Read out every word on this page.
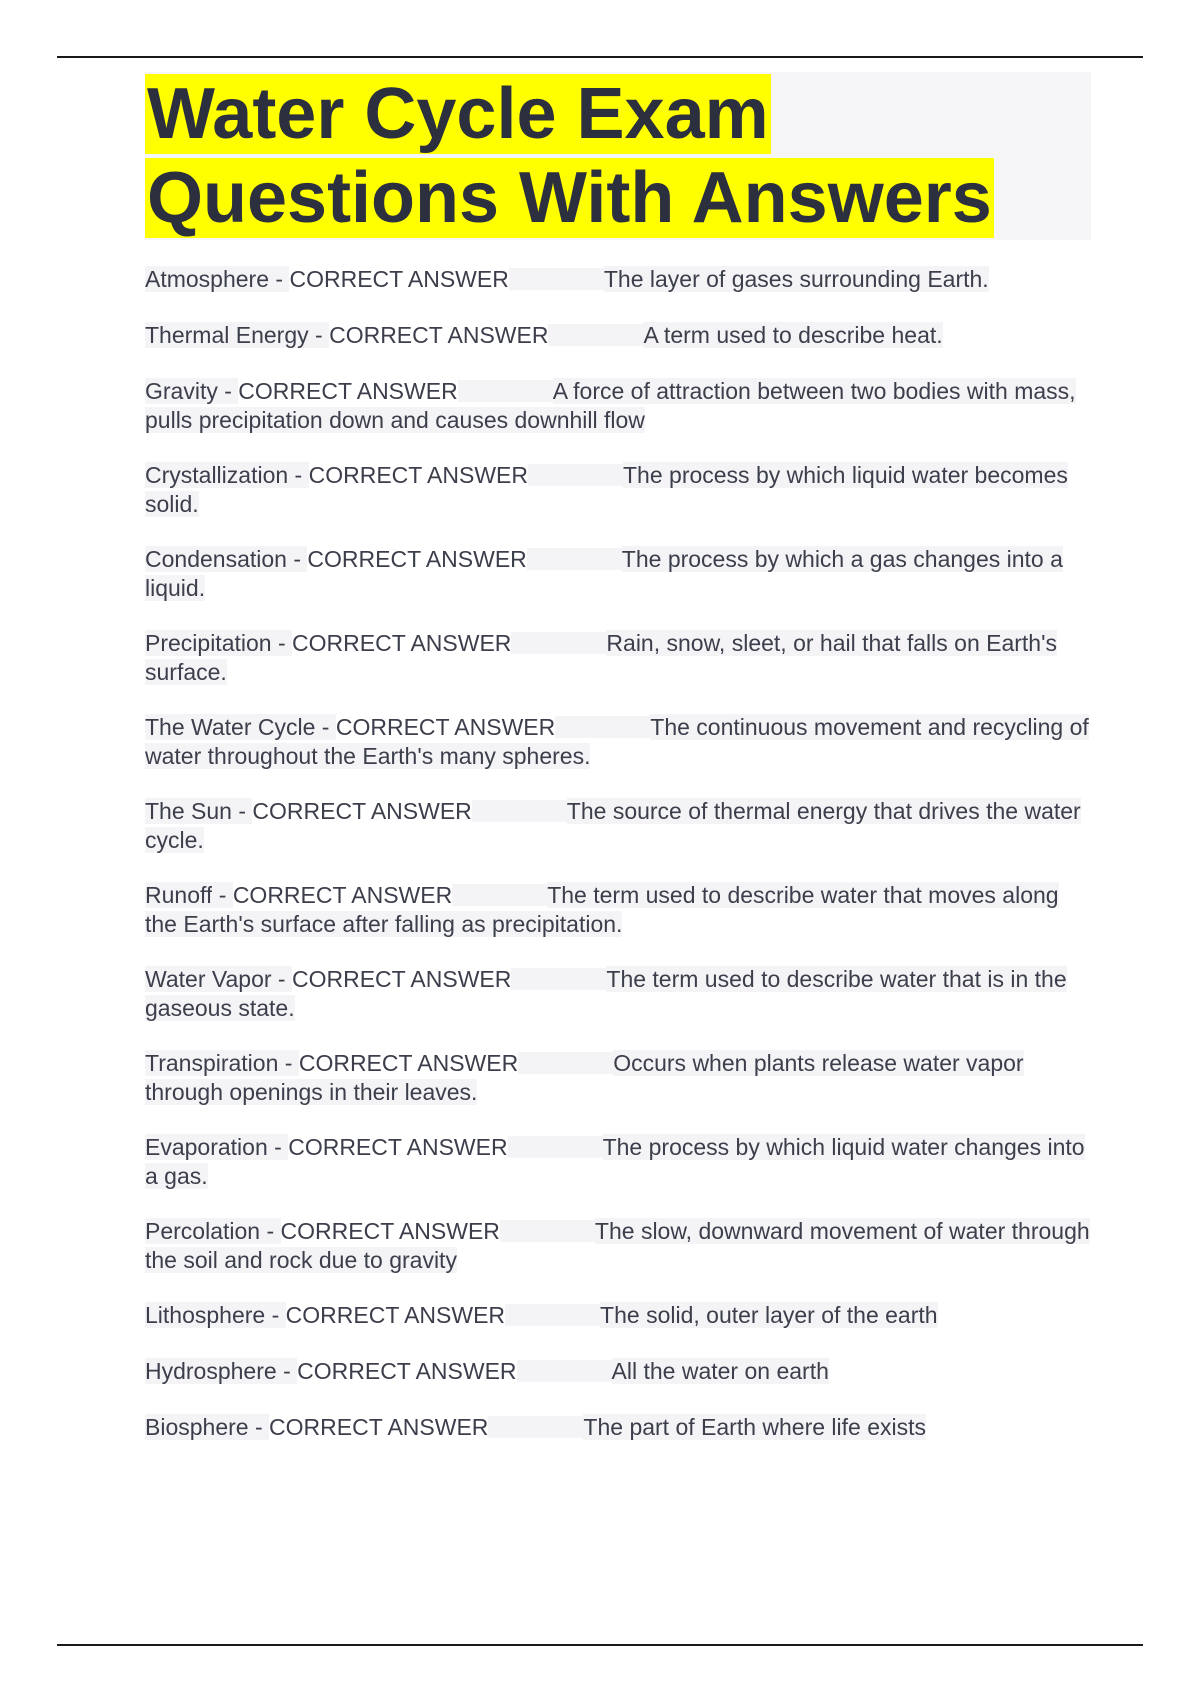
Water Cycle Exam
Questions With Answers

Atmosphere - CORRECT ANSWER	The layer of gases surrounding Earth.

Thermal Energy - CORRECT ANSWER	A term used to describe heat.

Gravity - CORRECT ANSWER	A force of attraction between two bodies with mass, pulls precipitation down and causes downhill flow

Crystallization - CORRECT ANSWER	The process by which liquid water becomes solid.

Condensation - CORRECT ANSWER	The process by which a gas changes into a liquid.

Precipitation - CORRECT ANSWER	Rain, snow, sleet, or hail that falls on Earth's surface.

The Water Cycle - CORRECT ANSWER	The continuous movement and recycling of water throughout the Earth's many spheres.

The Sun - CORRECT ANSWER	The source of thermal energy that drives the water cycle.

Runoff - CORRECT ANSWER	The term used to describe water that moves along the Earth's surface after falling as precipitation.

Water Vapor - CORRECT ANSWER	The term used to describe water that is in the gaseous state.

Transpiration - CORRECT ANSWER	Occurs when plants release water vapor through openings in their leaves.

Evaporation - CORRECT ANSWER	The process by which liquid water changes into a gas.

Percolation - CORRECT ANSWER	The slow, downward movement of water through the soil and rock due to gravity

Lithosphere - CORRECT ANSWER	The solid, outer layer of the earth

Hydrosphere - CORRECT ANSWER	All the water on earth

Biosphere - CORRECT ANSWER	The part of Earth where life exists
